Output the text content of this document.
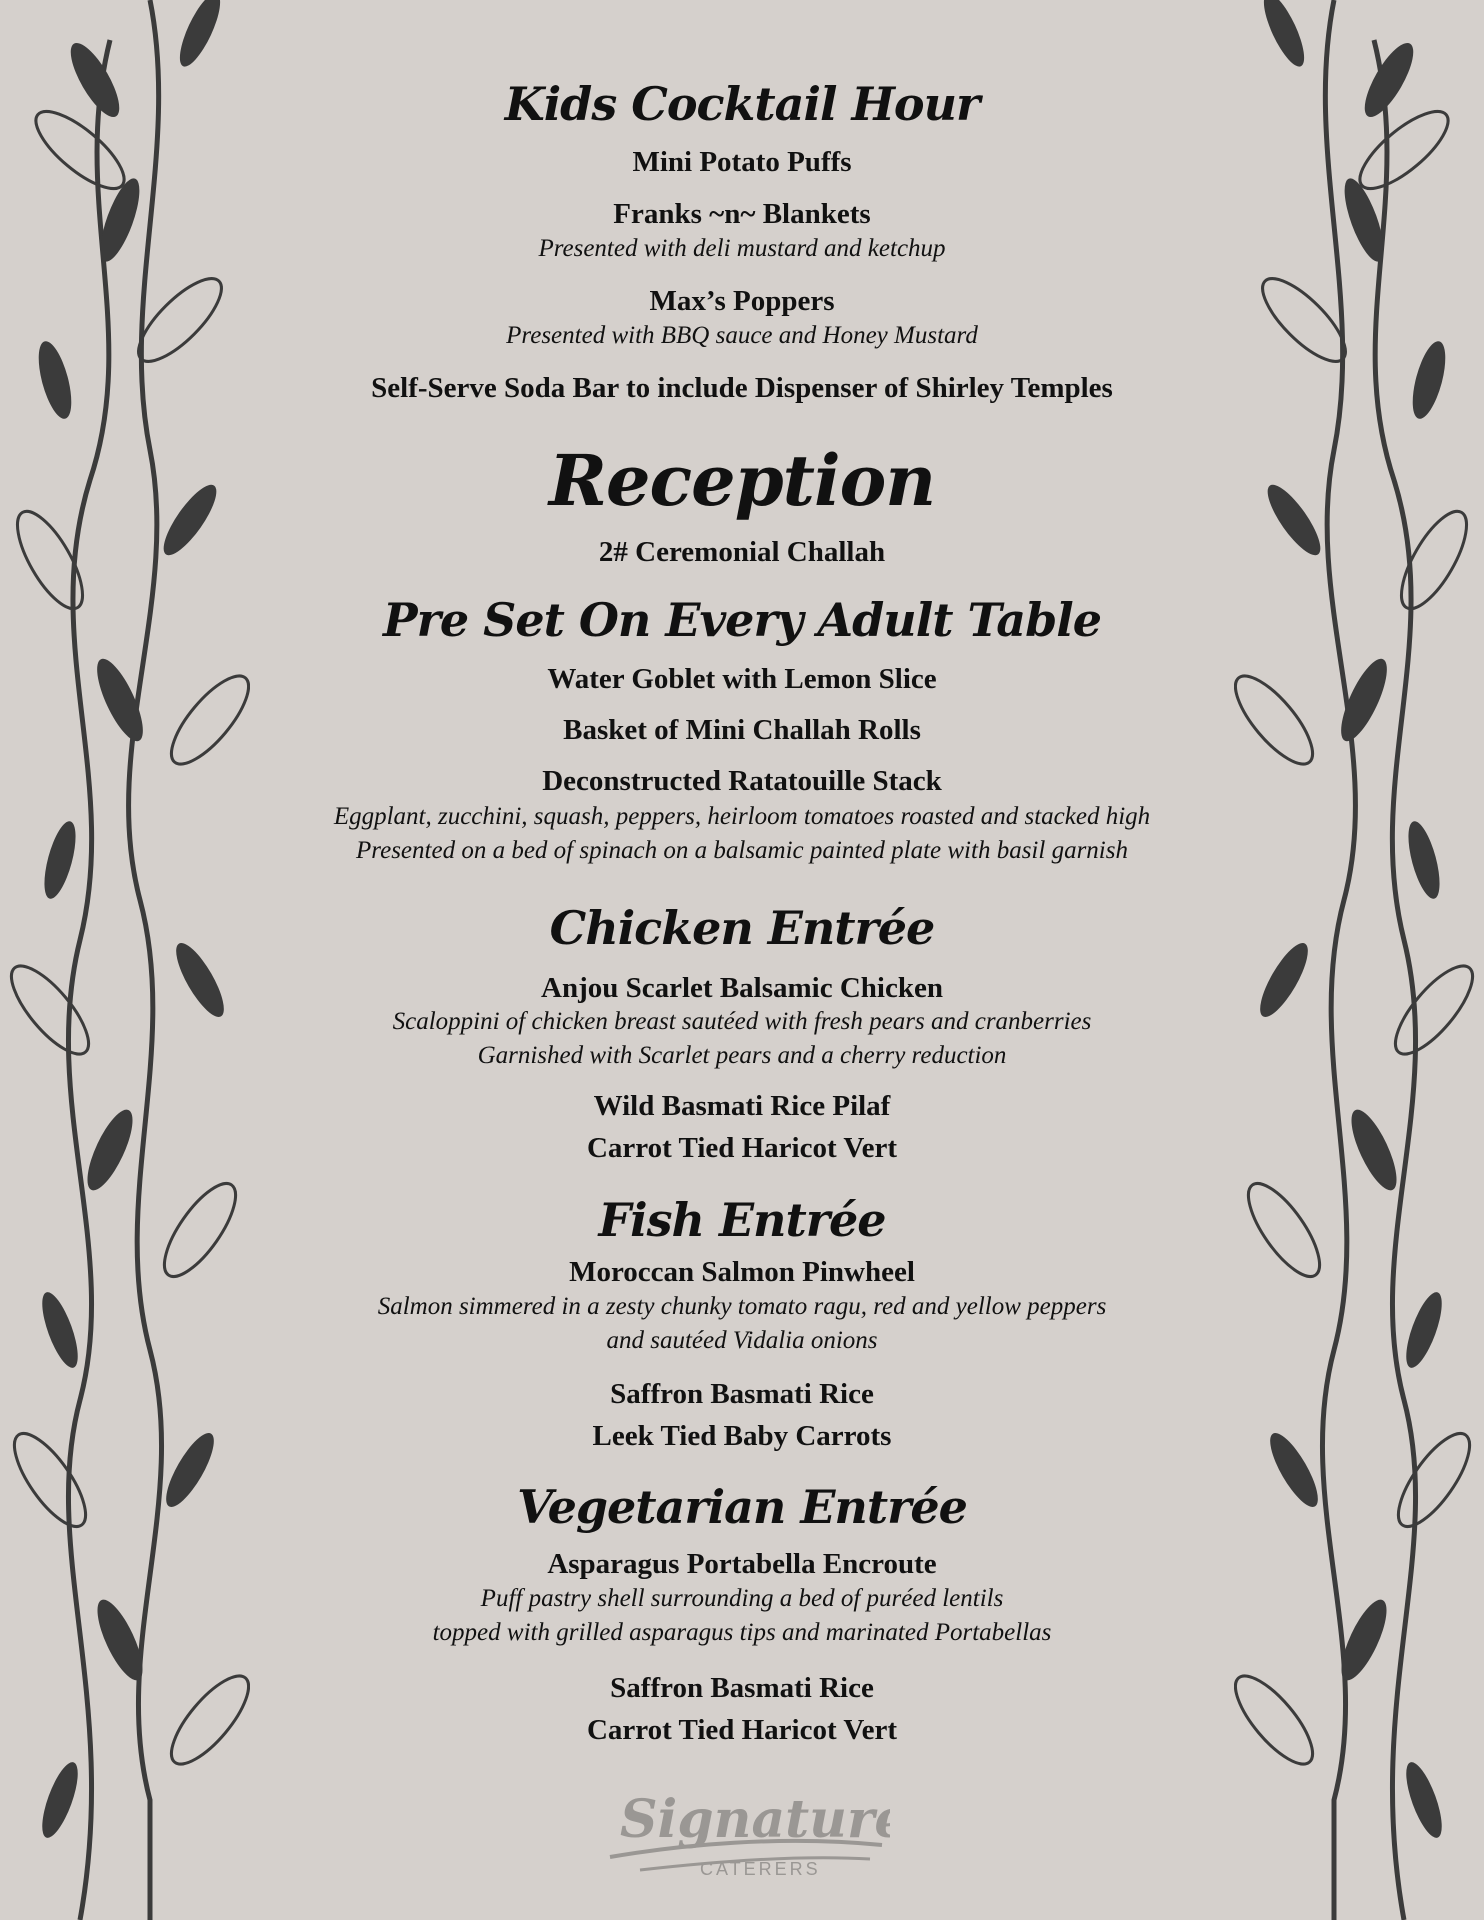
Kids Cocktail Hour
Mini Potato Puffs
Franks ~n~ Blankets
Presented with deli mustard and ketchup
Max’s Poppers
Presented with BBQ sauce and Honey Mustard
Self-Serve Soda Bar to include Dispenser of Shirley Temples
Reception
2# Ceremonial Challah
Pre Set On Every Adult Table
Water Goblet with Lemon Slice
Basket of Mini Challah Rolls
Deconstructed Ratatouille Stack
Eggplant, zucchini, squash, peppers, heirloom tomatoes roasted and stacked high
Presented on a bed of spinach on a balsamic painted plate with basil garnish
Chicken Entrée
Anjou Scarlet Balsamic Chicken
Scaloppini of chicken breast sautéed with fresh pears and cranberries
Garnished with Scarlet pears and a cherry reduction
Wild Basmati Rice Pilaf
Carrot Tied Haricot Vert
Fish Entrée
Moroccan Salmon Pinwheel
Salmon simmered in a zesty chunky tomato ragu, red and yellow peppers
and sautéed Vidalia onions
Saffron Basmati Rice
Leek Tied Baby Carrots
Vegetarian Entrée
Asparagus Portabella Encroute
Puff pastry shell surrounding a bed of puréed lentils
topped with grilled asparagus tips and marinated Portabellas
Saffron Basmati Rice
Carrot Tied Haricot Vert
Signature
CATERERS
